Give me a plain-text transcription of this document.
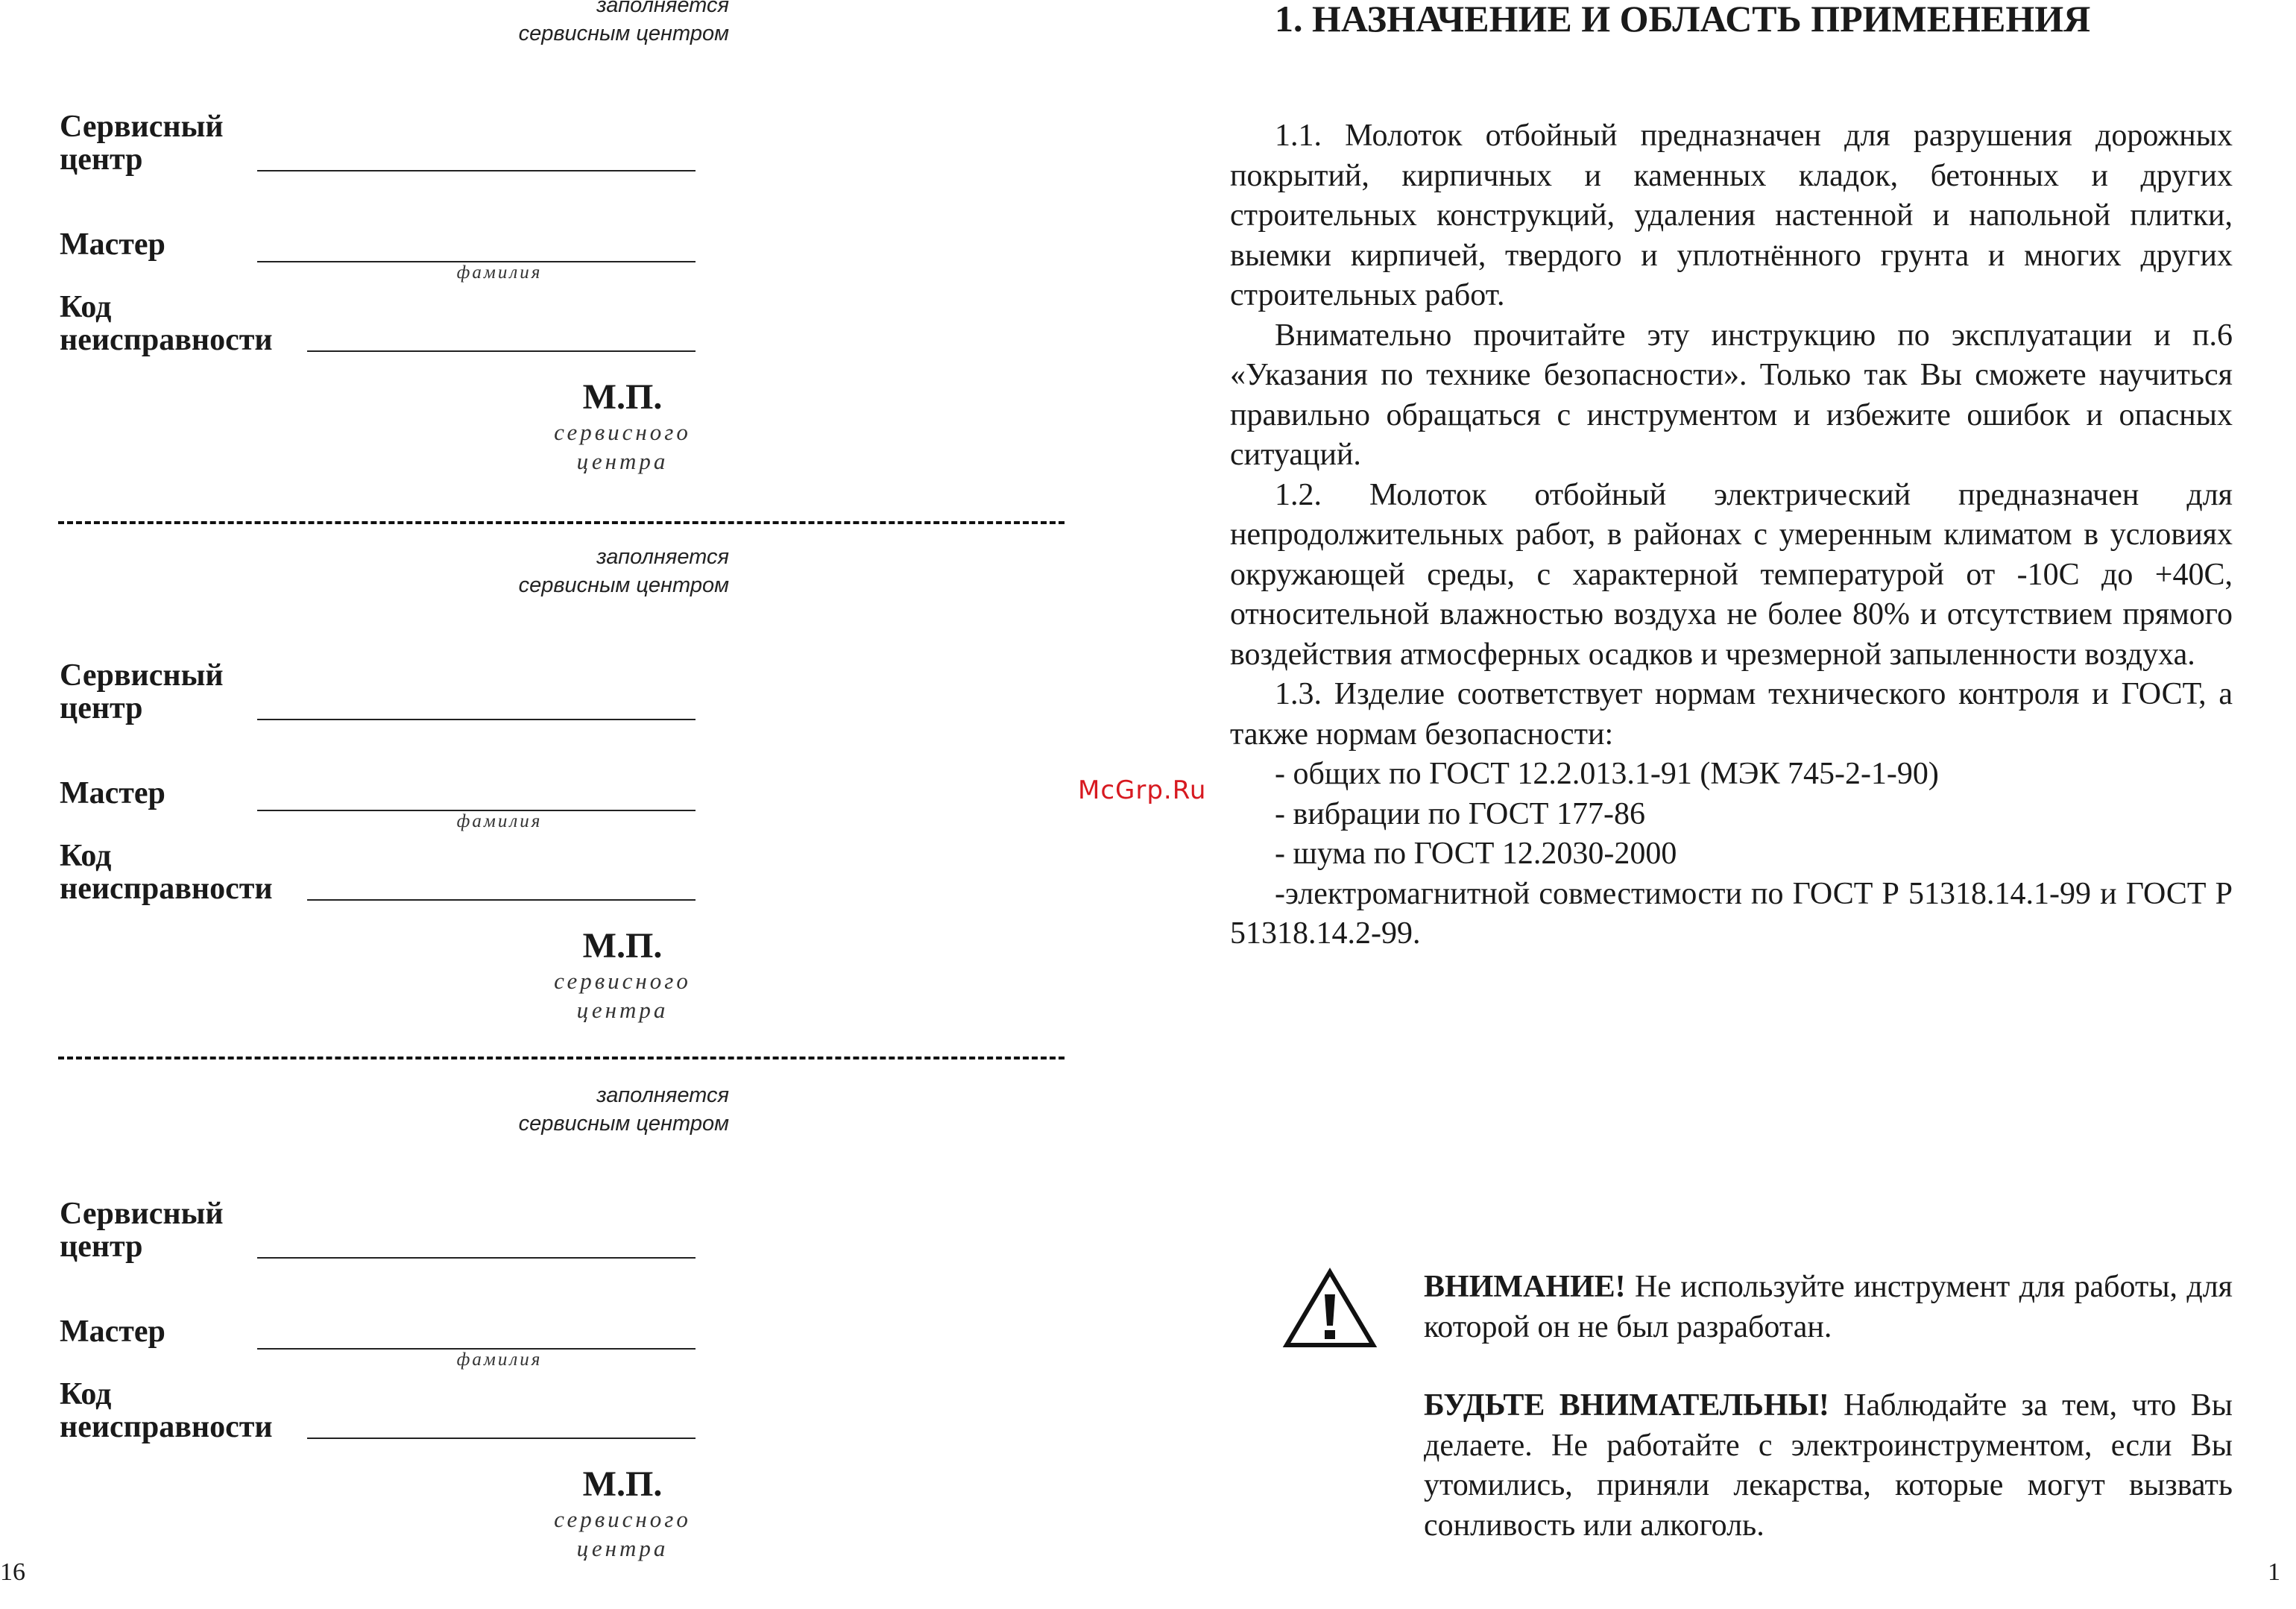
заполняется
сервисным центром
Сервисный
центр
Мастер
фамилия
Код
неисправности
М.П.
сервисного
центра
заполняется
сервисным центром
Сервисный
центр
Мастер
фамилия
Код
неисправности
М.П.
сервисного
центра
заполняется
сервисным центром
Сервисный
центр
Мастер
фамилия
Код
неисправности
М.П.
сервисного
центра
16
1. НАЗНАЧЕНИЕ И ОБЛАСТЬ ПРИМЕНЕНИЯ

1.1. Молоток отбойный предназначен для разрушения дорожных покрытий, кирпичных и каменных кладок, бетонных и других строительных конструкций, удаления настенной и напольной плитки, выемки кирпичей, твердого и уплотнённого грунта и многих других строительных работ.

Внимательно прочитайте эту инструкцию по эксплуатации и п.6 «Указания по технике безопасности». Только так Вы сможете научиться правильно обращаться с инструментом и избежите ошибок и опасных ситуаций.

1.2. Молоток отбойный электрический предназначен для непродолжительных работ, в районах с умеренным климатом в условиях окружающей среды, с характерной температурой от -10С до +40С, относительной влажностью воздуха не более 80% и отсутствием прямого воздействия атмосферных осадков и чрезмерной запыленности воздуха.

1.3. Изделие соответствует нормам технического контроля и ГОСТ, а также нормам безопасности:

- общих по ГОСТ 12.2.013.1-91 (МЭК 745-2-1-90)

- вибрации по ГОСТ 177-86

- шума по ГОСТ 12.2030-2000

-электромагнитной совместимости по ГОСТ Р 51318.14.1-99 и ГОСТ Р 51318.14.2-99.

1
McGrp.Ru

ВНИМАНИЕ! Не используйте инструмент для работы, для которой он не был разработан.

БУДЬТЕ ВНИМАТЕЛЬНЫ! Наблюдайте за тем, что Вы делаете. Не работайте с электроинструментом, если Вы утомились, приняли лекарства, которые могут вызвать сонливость или алкоголь.
